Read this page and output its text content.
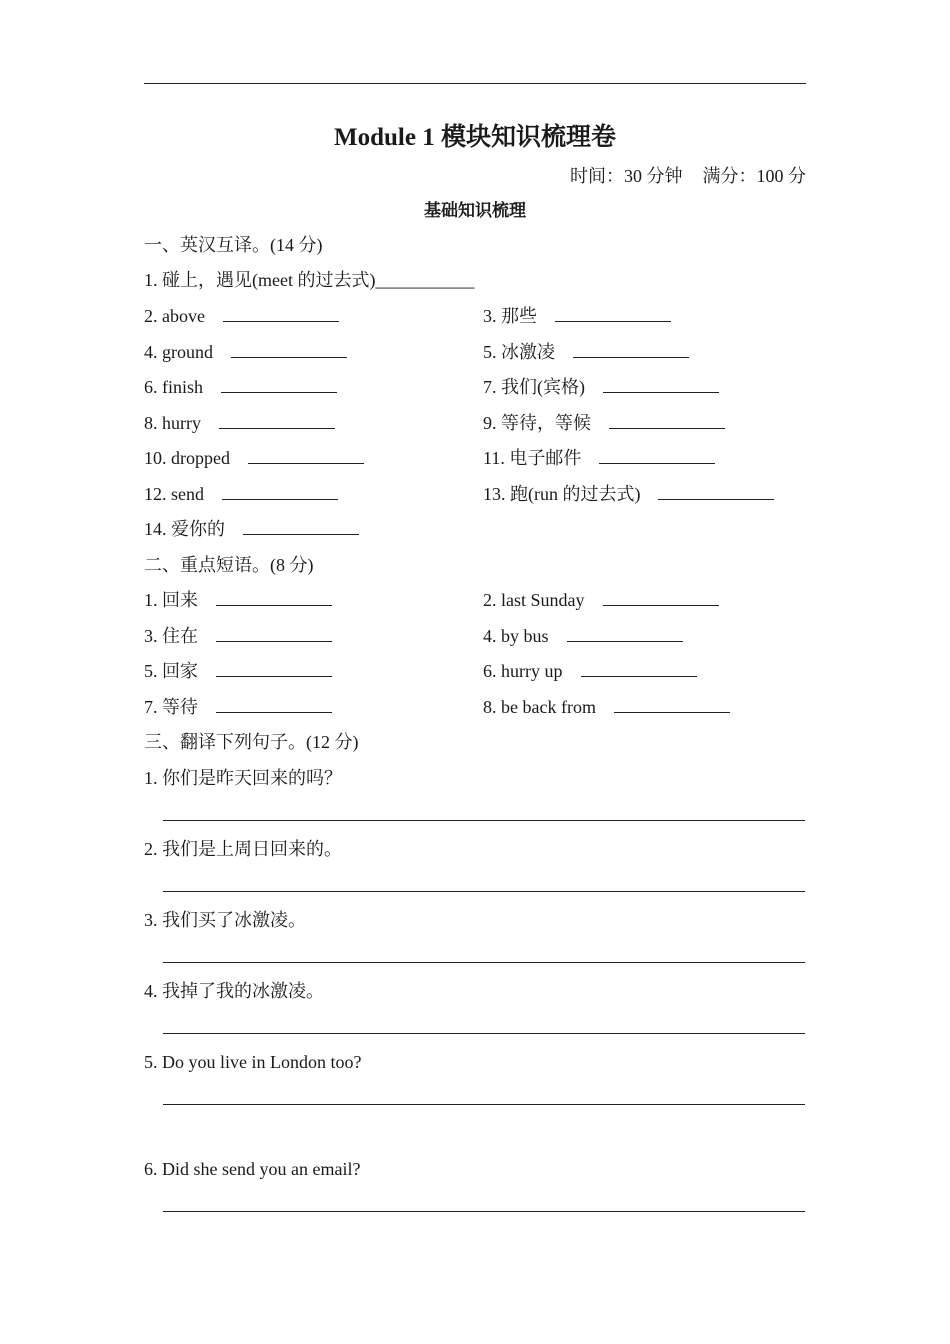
Module 1 模块知识梳理卷
时间：30 分钟 满分：100 分
基础知识梳理
一、英汉互译。(14 分)
1. 碰上，遇见(meet 的过去式)___________
2. above	3. 那些
4. ground	5. 冰激凌
6. finish	7. 我们(宾格)
8. hurry	9. 等待，等候
10. dropped	11. 电子邮件
12. send	13. 跑(run 的过去式)
14. 爱你的
二、重点短语。(8 分)
1. 回来	2. last Sunday
3. 住在	4. by bus
5. 回家	6. hurry up
7. 等待	8. be back from
三、翻译下列句子。(12 分)
1. 你们是昨天回来的吗？
2. 我们是上周日回来的。
3. 我们买了冰激凌。
4. 我掉了我的冰激凌。
5. Do you live in London too?
6. Did she send you an email?
